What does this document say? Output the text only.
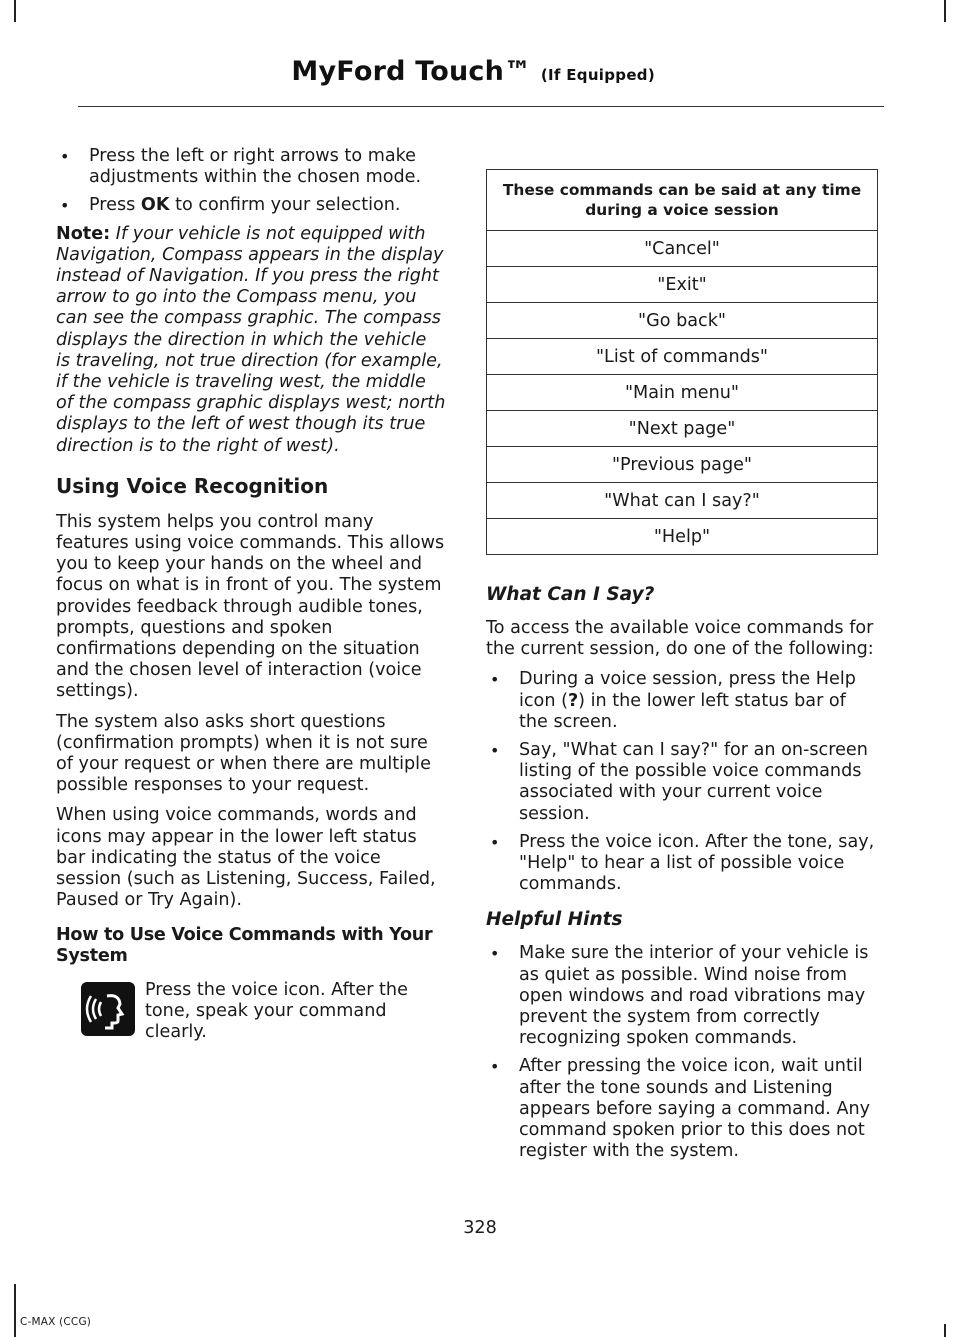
MyFord Touch™ (If Equipped)
• Press the left or right arrows to make adjustments within the chosen mode.
• Press OK to confirm your selection.

Note: If your vehicle is not equipped with Navigation, Compass appears in the display instead of Navigation. If you press the right arrow to go into the Compass menu, you can see the compass graphic. The compass displays the direction in which the vehicle is traveling, not true direction (for example, if the vehicle is traveling west, the middle of the compass graphic displays west; north displays to the left of west though its true direction is to the right of west).

Using Voice Recognition

This system helps you control many features using voice commands. This allows you to keep your hands on the wheel and focus on what is in front of you. The system provides feedback through audible tones, prompts, questions and spoken confirmations depending on the situation and the chosen level of interaction (voice settings).

The system also asks short questions (confirmation prompts) when it is not sure of your request or when there are multiple possible responses to your request.

When using voice commands, words and icons may appear in the lower left status bar indicating the status of the voice session (such as Listening, Success, Failed, Paused or Try Again).

How to Use Voice Commands with Your System
Press the voice icon. After the tone, speak your command clearly.
These commands can be said at any time during a voice session
"Cancel"
"Exit"
"Go back"
"List of commands"
"Main menu"
"Next page"
"Previous page"
"What can I say?"
"Help"
What Can I Say?

To access the available voice commands for the current session, do one of the following:

• During a voice session, press the Help icon (?) in the lower left status bar of the screen.
• Say, "What can I say?" for an on-screen listing of the possible voice commands associated with your current voice session.
• Press the voice icon. After the tone, say, "Help" to hear a list of possible voice commands.
Helpful Hints
• Make sure the interior of your vehicle is as quiet as possible. Wind noise from open windows and road vibrations may prevent the system from correctly recognizing spoken commands.
• After pressing the voice icon, wait until after the tone sounds and Listening appears before saying a command. Any command spoken prior to this does not register with the system.
328
C-MAX (CCG)
